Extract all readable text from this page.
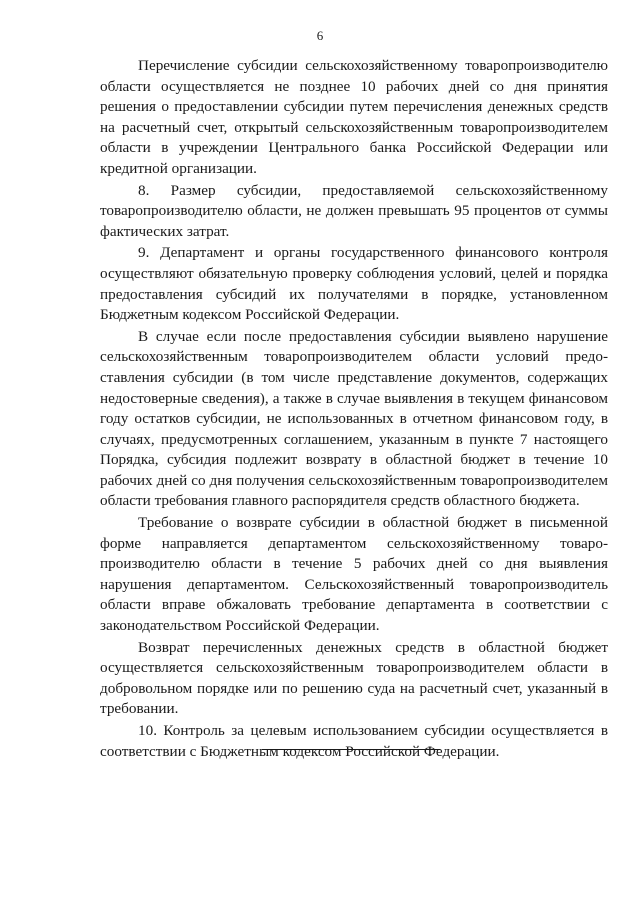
6

Перечисление субсидии сельскохозяйственному товаропроизводителю области осуществляется не позднее 10 рабочих дней со дня принятия решения о предоставлении субсидии путем перечисления денежных средств на расчетный счет, открытый сельскохозяйственным товаропроизводителем области в учреждении Центрального банка Российской Федерации или кредитной организации.

8. Размер субсидии, предоставляемой сельскохозяйственному товаропроизводителю области, не должен превышать 95 процентов от суммы фактических затрат.

9. Департамент и органы государственного финансового контроля осуществляют обязательную проверку соблюдения условий, целей и порядка предоставления субсидий их получателями в порядке, установленном Бюджетным кодексом Российской Федерации.

В случае если после предоставления субсидии выявлено нарушение сельскохозяйственным товаропроизводителем области условий предоставления субсидии (в том числе представление документов, содержащих недостоверные сведения), а также в случае выявления в текущем финансовом году остатков субсидии, не использованных в отчетном финансовом году, в случаях, предусмотренных соглашением, указанным в пункте 7 настоящего Порядка, субсидия подлежит возврату в областной бюджет в течение 10 рабочих дней со дня получения сельскохозяйственным товаропроизводителем области требования главного распорядителя средств областного бюджета.

Требование о возврате субсидии в областной бюджет в письменной форме направляется департаментом сельскохозяйственному товаропроизводителю области в течение 5 рабочих дней со дня выявления нарушения департаментом. Сельскохозяйственный товаропроизводитель области вправе обжаловать требование департамента в соответствии с законодательством Российской Федерации.

Возврат перечисленных денежных средств в областной бюджет осуществляется сельскохозяйственным товаропроизводителем области в добровольном порядке или по решению суда на расчетный счет, указанный в требовании.

10. Контроль за целевым использованием субсидии осуществляется в соответствии с Бюджетным кодексом Российской Федерации.
